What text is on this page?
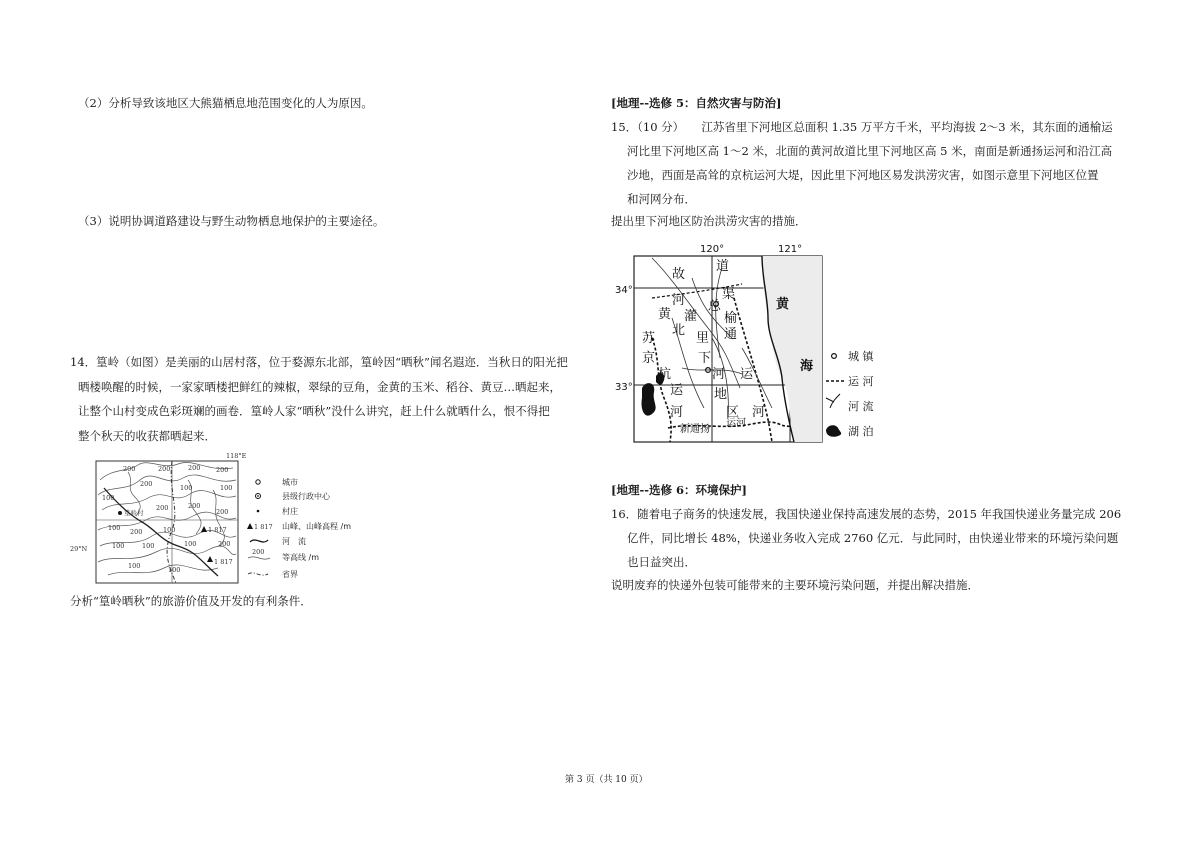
（2）分析导致该地区大熊猫栖息地范围变化的人为原因。
（3）说明协调道路建设与野生动物栖息地保护的主要途径。
14．篁岭（如图）是美丽的山居村落，位于婺源东北部，篁岭因“晒秋”闻名遐迩．当秋日的阳光把
晒楼唤醒的时候，一家家晒楼把鲜红的辣椒，翠绿的豆角，金黄的玉米、稻谷、黄豆…晒起来，
让整个山村变成色彩斑斓的画卷．篁岭人家“晒秋”没什么讲究，赶上什么就晒什么，恨不得把
整个秋天的收获都晒起来．
118°E
篁岭村
1 817
1 817
200	200	200 200
200
100
100	100
100
200	200
200
200	100
100	100	100	200
100	100
29°N
城市
县级行政中心
村庄
1 817 山峰、山峰高程 /m
河　流
200
等高线 /m
省界
分析“篁岭晒秋”的旅游价值及开发的有利条件．
[地理--选修 5：自然灾害与防治]
15．（10 分）　　江苏省里下河地区总面积 1.35 万平方千米，平均海拔 2～3 米，其东面的通榆运
河比里下河地区高 1～2 米，北面的黄河故道比里下河地区高 5 米，南面是新通扬运河和沿江高
沙地，西面是高耸的京杭运河大堤，因此里下河地区易发洪涝灾害，如图示意里下河地区位置
和河网分布．
提出里下河地区防治洪涝灾害的措施．
120°	121°
34°
33°
故
道
黄
河
灌
总
渠
北
苏
京
杭
运
河
里
下
通
榆
河 运
地
区 河
新通扬
运河
黄
海
城 镇
运 河
河 流
湖 泊
[地理--选修 6：环境保护]
16．随着电子商务的快速发展，我国快递业保持高速发展的态势，2015 年我国快递业务量完成 206
亿件，同比增长 48%，快递业务收入完成 2760 亿元．与此同时，由快递业带来的环境污染问题
也日益突出．
说明废弃的快递外包装可能带来的主要环境污染问题，并提出解决措施．
第 3 页（共 10 页）
